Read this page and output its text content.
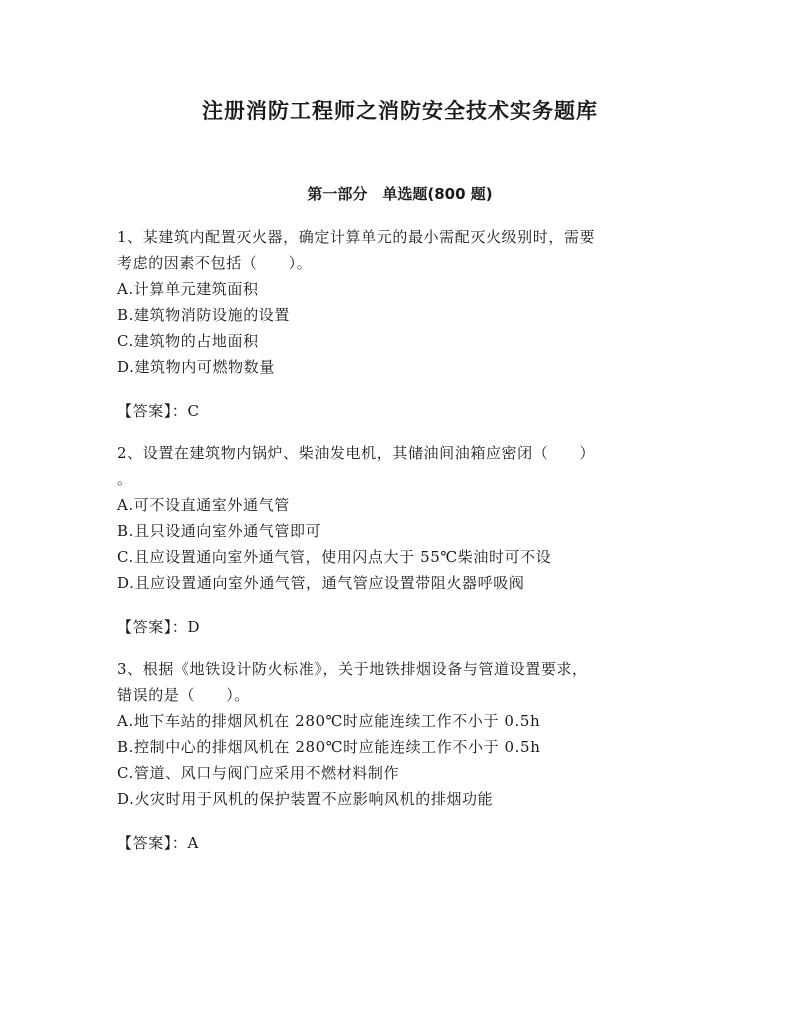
注册消防工程师之消防安全技术实务题库
第一部分　单选题(800 题)
1、某建筑内配置灭火器，确定计算单元的最小需配灭火级别时，需要
考虑的因素不包括（　　）。
A.计算单元建筑面积
B.建筑物消防设施的设置
C.建筑物的占地面积
D.建筑物内可燃物数量
【答案】：C
2、设置在建筑物内锅炉、柴油发电机，其储油间油箱应密闭（　　）
。
A.可不设直通室外通气管
B.且只设通向室外通气管即可
C.且应设置通向室外通气管，使用闪点大于 55℃柴油时可不设
D.且应设置通向室外通气管，通气管应设置带阻火器呼吸阀
【答案】：D
3、根据《地铁设计防火标准》，关于地铁排烟设备与管道设置要求，
错误的是（　　）。
A.地下车站的排烟风机在 280℃时应能连续工作不小于 0.5h
B.控制中心的排烟风机在 280℃时应能连续工作不小于 0.5h
C.管道、风口与阀门应采用不燃材料制作
D.火灾时用于风机的保护装置不应影响风机的排烟功能
【答案】：A
